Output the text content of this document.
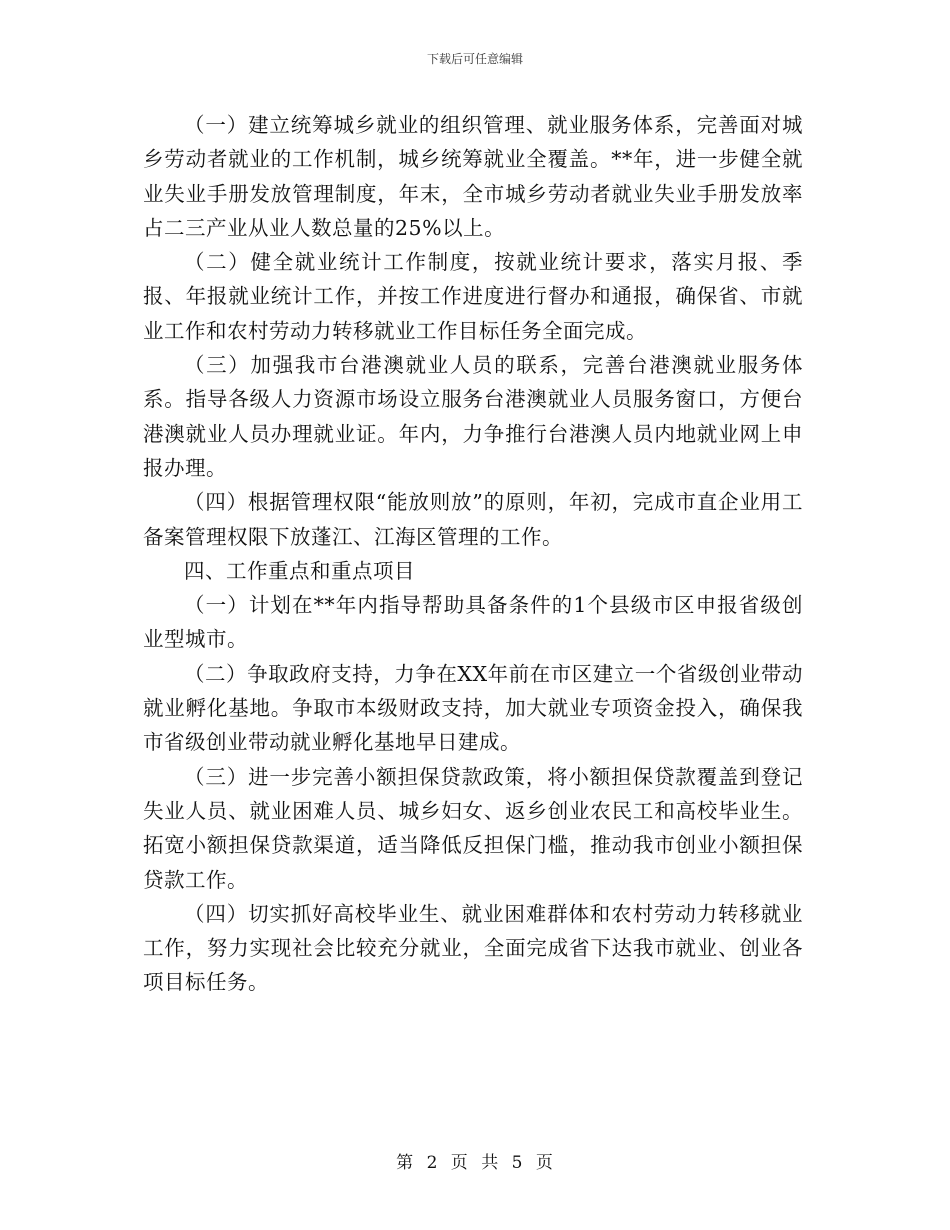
下载后可任意编辑

（一）建立统筹城乡就业的组织管理、就业服务体系，完善面对城乡劳动者就业的工作机制，城乡统筹就业全覆盖。**年，进一步健全就业失业手册发放管理制度，年末，全市城乡劳动者就业失业手册发放率占二三产业从业人数总量的25%以上。

（二）健全就业统计工作制度，按就业统计要求，落实月报、季报、年报就业统计工作，并按工作进度进行督办和通报，确保省、市就业工作和农村劳动力转移就业工作目标任务全面完成。

（三）加强我市台港澳就业人员的联系，完善台港澳就业服务体系。指导各级人力资源市场设立服务台港澳就业人员服务窗口，方便台港澳就业人员办理就业证。年内，力争推行台港澳人员内地就业网上申报办理。

（四）根据管理权限“能放则放”的原则，年初，完成市直企业用工备案管理权限下放蓬江、江海区管理的工作。

四、工作重点和重点项目

（一）计划在**年内指导帮助具备条件的1个县级市区申报省级创业型城市。

（二）争取政府支持，力争在XX年前在市区建立一个省级创业带动就业孵化基地。争取市本级财政支持，加大就业专项资金投入，确保我市省级创业带动就业孵化基地早日建成。

（三）进一步完善小额担保贷款政策，将小额担保贷款覆盖到登记失业人员、就业困难人员、城乡妇女、返乡创业农民工和高校毕业生。拓宽小额担保贷款渠道，适当降低反担保门槛，推动我市创业小额担保贷款工作。

（四）切实抓好高校毕业生、就业困难群体和农村劳动力转移就业工作，努力实现社会比较充分就业，全面完成省下达我市就业、创业各项目标任务。

第 2 页 共 5 页
